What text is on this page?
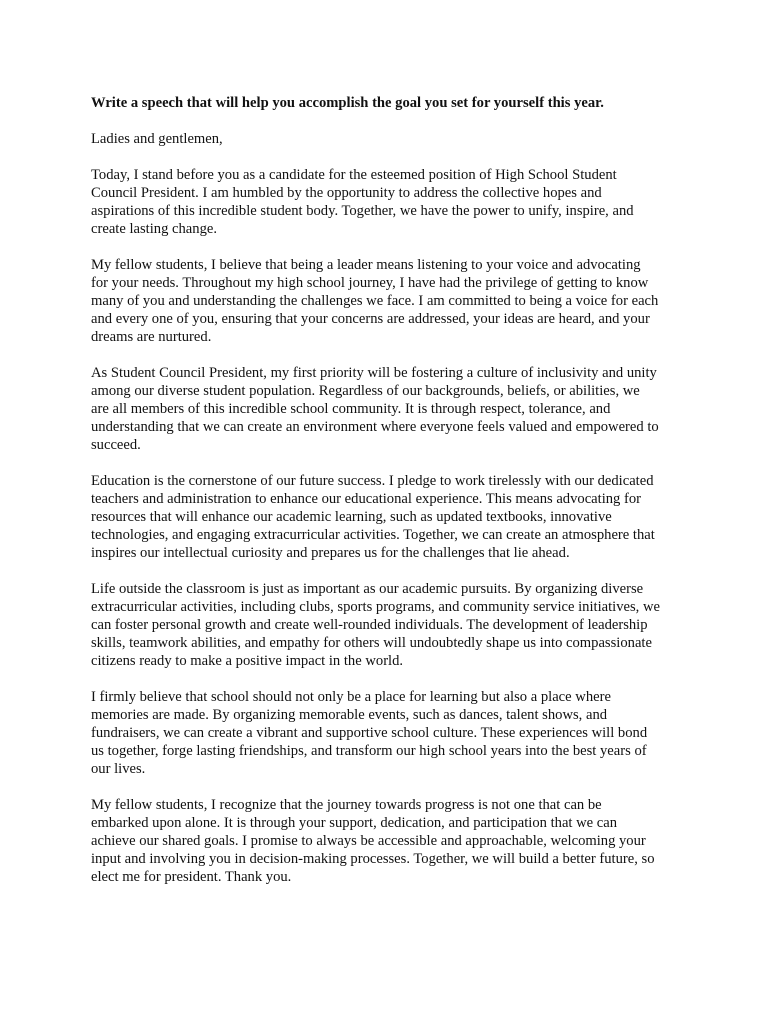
Write a speech that will help you accomplish the goal you set for yourself this year.
Ladies and gentlemen,
Today, I stand before you as a candidate for the esteemed position of High School Student
Council President. I am humbled by the opportunity to address the collective hopes and
aspirations of this incredible student body. Together, we have the power to unify, inspire, and
create lasting change.
My fellow students, I believe that being a leader means listening to your voice and advocating
for your needs. Throughout my high school journey, I have had the privilege of getting to know
many of you and understanding the challenges we face. I am committed to being a voice for each
and every one of you, ensuring that your concerns are addressed, your ideas are heard, and your
dreams are nurtured.
As Student Council President, my first priority will be fostering a culture of inclusivity and unity
among our diverse student population. Regardless of our backgrounds, beliefs, or abilities, we
are all members of this incredible school community. It is through respect, tolerance, and
understanding that we can create an environment where everyone feels valued and empowered to
succeed.
Education is the cornerstone of our future success. I pledge to work tirelessly with our dedicated
teachers and administration to enhance our educational experience. This means advocating for
resources that will enhance our academic learning, such as updated textbooks, innovative
technologies, and engaging extracurricular activities. Together, we can create an atmosphere that
inspires our intellectual curiosity and prepares us for the challenges that lie ahead.
Life outside the classroom is just as important as our academic pursuits. By organizing diverse
extracurricular activities, including clubs, sports programs, and community service initiatives, we
can foster personal growth and create well-rounded individuals. The development of leadership
skills, teamwork abilities, and empathy for others will undoubtedly shape us into compassionate
citizens ready to make a positive impact in the world.
I firmly believe that school should not only be a place for learning but also a place where
memories are made. By organizing memorable events, such as dances, talent shows, and
fundraisers, we can create a vibrant and supportive school culture. These experiences will bond
us together, forge lasting friendships, and transform our high school years into the best years of
our lives.
My fellow students, I recognize that the journey towards progress is not one that can be
embarked upon alone. It is through your support, dedication, and participation that we can
achieve our shared goals. I promise to always be accessible and approachable, welcoming your
input and involving you in decision-making processes. Together, we will build a better future, so
elect me for president. Thank you.
